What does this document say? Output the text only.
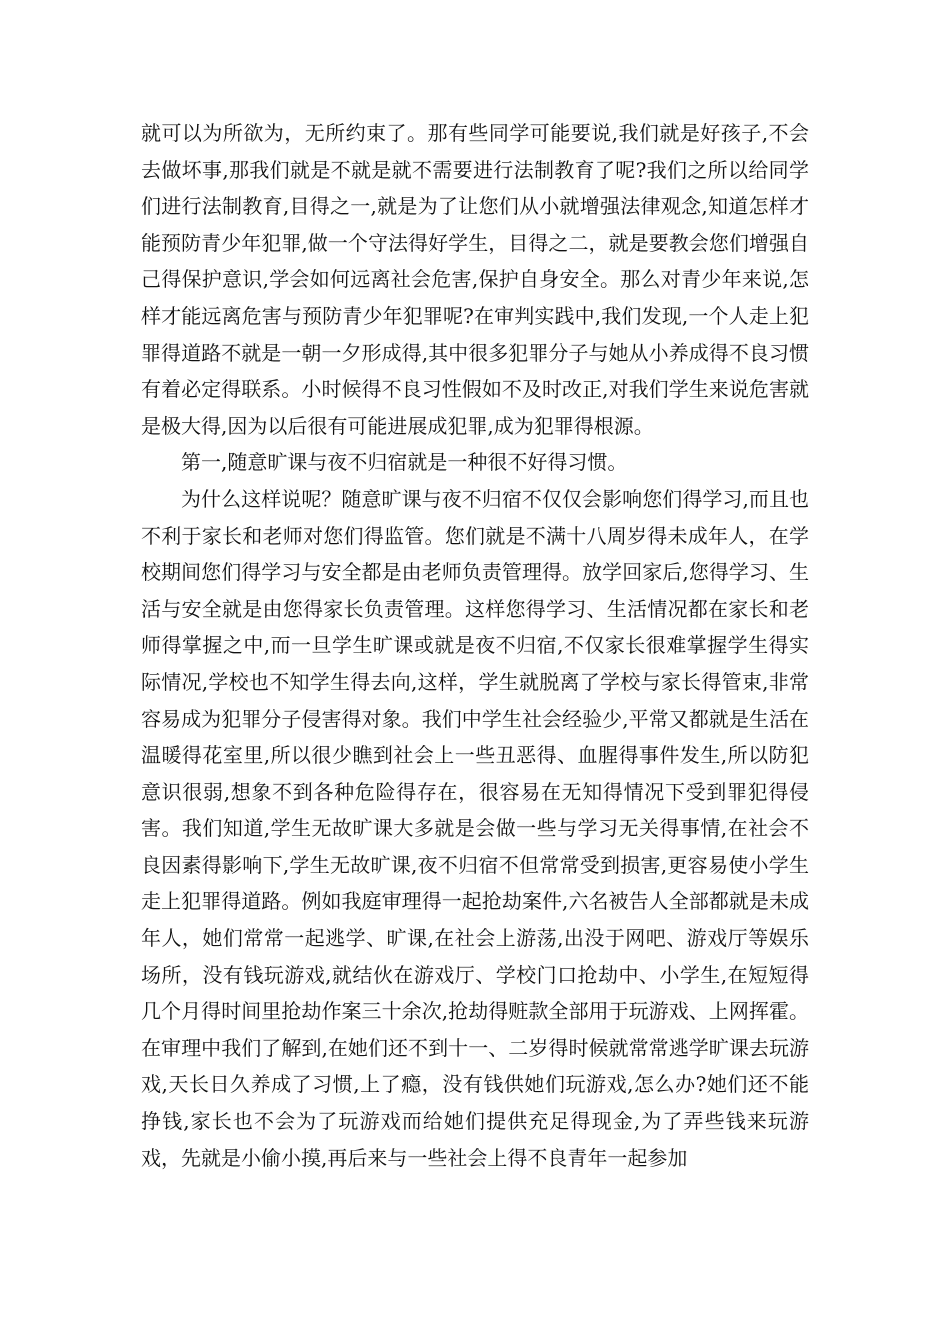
就可以为所欲为，无所约束了。那有些同学可能要说,我们就是好孩子,不会去做坏事,那我们就是不就是就不需要进行法制教育了呢?我们之所以给同学们进行法制教育,目得之一,就是为了让您们从小就增强法律观念,知道怎样才能预防青少年犯罪,做一个守法得好学生，目得之二，就是要教会您们增强自己得保护意识,学会如何远离社会危害,保护自身安全。那么对青少年来说,怎样才能远离危害与预防青少年犯罪呢?在审判实践中,我们发现,一个人走上犯罪得道路不就是一朝一夕形成得,其中很多犯罪分子与她从小养成得不良习惯有着必定得联系。小时候得不良习性假如不及时改正,对我们学生来说危害就是极大得,因为以后很有可能进展成犯罪,成为犯罪得根源。

第一,随意旷课与夜不归宿就是一种很不好得习惯。

为什么这样说呢？随意旷课与夜不归宿不仅仅会影响您们得学习,而且也不利于家长和老师对您们得监管。您们就是不满十八周岁得未成年人，在学校期间您们得学习与安全都是由老师负责管理得。放学回家后,您得学习、生活与安全就是由您得家长负责管理。这样您得学习、生活情况都在家长和老师得掌握之中,而一旦学生旷课或就是夜不归宿,不仅家长很难掌握学生得实际情况,学校也不知学生得去向,这样，学生就脱离了学校与家长得管束,非常容易成为犯罪分子侵害得对象。我们中学生社会经验少,平常又都就是生活在温暖得花室里,所以很少瞧到社会上一些丑恶得、血腥得事件发生,所以防犯意识很弱,想象不到各种危险得存在，很容易在无知得情况下受到罪犯得侵害。我们知道,学生无故旷课大多就是会做一些与学习无关得事情,在社会不良因素得影响下,学生无故旷课,夜不归宿不但常常受到损害,更容易使小学生走上犯罪得道路。例如我庭审理得一起抢劫案件,六名被告人全部都就是未成年人，她们常常一起逃学、旷课,在社会上游荡,出没于网吧、游戏厅等娱乐场所，没有钱玩游戏,就结伙在游戏厅、学校门口抢劫中、小学生,在短短得几个月得时间里抢劫作案三十余次,抢劫得赃款全部用于玩游戏、上网挥霍。在审理中我们了解到,在她们还不到十一、二岁得时候就常常逃学旷课去玩游戏,天长日久养成了习惯,上了瘾，没有钱供她们玩游戏,怎么办?她们还不能挣钱,家长也不会为了玩游戏而给她们提供充足得现金,为了弄些钱来玩游戏，先就是小偷小摸,再后来与一些社会上得不良青年一起参加
